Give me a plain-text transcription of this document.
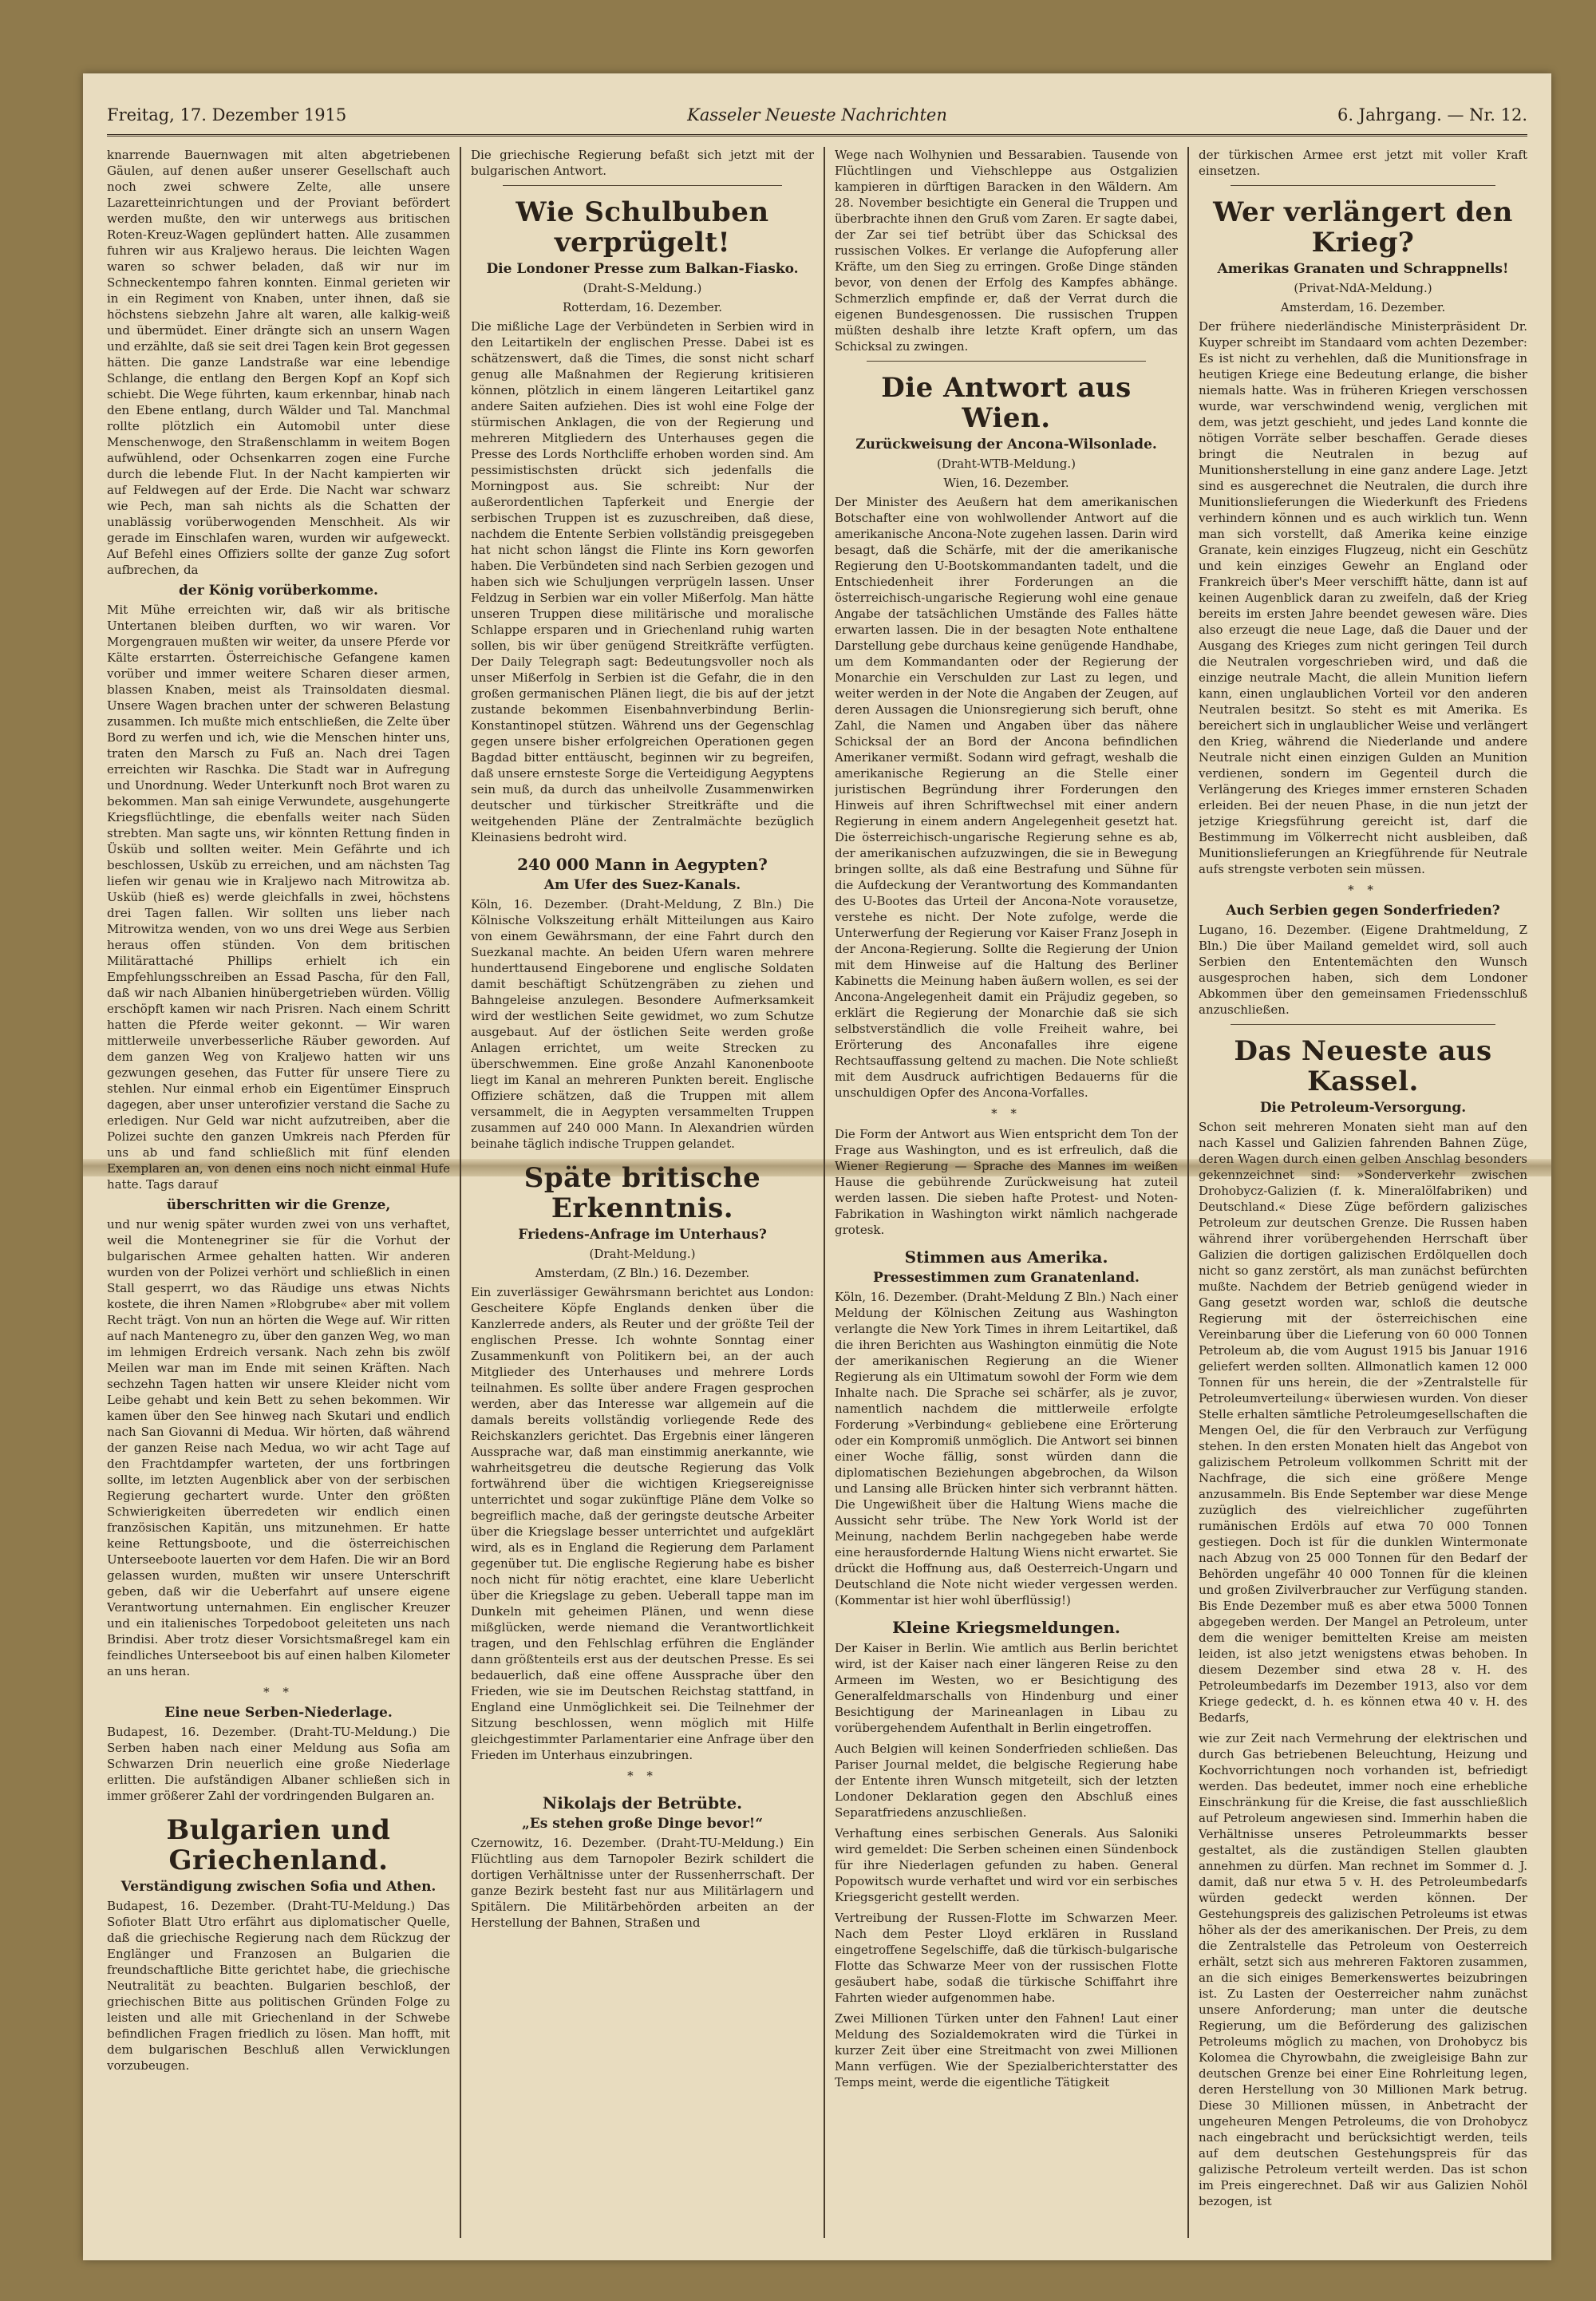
Freitag, 17. Dezember 1915	Kasseler Neueste Nachrichten	6. Jahrgang. — Nr. 12.

knarrende Bauernwagen mit alten abgetriebenen Gäulen, auf denen außer unserer Gesellschaft auch noch zwei schwere Zelte, alle unsere Lazaretteinrichtungen und der Proviant befördert werden mußte, den wir unterwegs aus britischen Roten-Kreuz-Wagen geplündert hatten. Alle zusammen fuhren wir aus Kraljewo heraus. Die leichten Wagen waren so schwer beladen, daß wir nur im Schneckentempo fahren konnten. Einmal gerieten wir in ein Regiment von Knaben, unter ihnen, daß sie höchstens siebzehn Jahre alt waren, alle kalkig-weiß und übermüdet. Einer drängte sich an unsern Wagen und erzählte, daß sie seit drei Tagen kein Brot gegessen hätten. Die ganze Landstraße war eine lebendige Schlange, die entlang den Bergen Kopf an Kopf sich schiebt. Die Wege führten, kaum erkennbar, hinab nach den Ebene entlang, durch Wälder und Tal. Manchmal rollte plötzlich ein Automobil unter diese Menschenwoge, den Straßenschlamm in weitem Bogen aufwühlend, oder Ochsenkarren zogen eine Furche durch die lebende Flut. In der Nacht kampierten wir auf Feldwegen auf der Erde. Die Nacht war schwarz wie Pech, man sah nichts als die Schatten der unablässig vorüberwogenden Menschheit. Als wir gerade im Einschlafen waren, wurden wir aufgeweckt. Auf Befehl eines Offiziers sollte der ganze Zug sofort aufbrechen, da

der König vorüberkomme.

Mit Mühe erreichten wir, daß wir als britische Untertanen bleiben durften, wo wir waren. Vor Morgengrauen mußten wir weiter, da unsere Pferde vor Kälte erstarrten. Österreichische Gefangene kamen vorüber und immer weitere Scharen dieser armen, blassen Knaben, meist als Trainsoldaten diesmal. Unsere Wagen brachen unter der schweren Belastung zusammen. Ich mußte mich entschließen, die Zelte über Bord zu werfen und ich, wie die Menschen hinter uns, traten den Marsch zu Fuß an. Nach drei Tagen erreichten wir Raschka. Die Stadt war in Aufregung und Unordnung. Weder Unterkunft noch Brot waren zu bekommen. Man sah einige Verwundete, ausgehungerte Kriegsflüchtlinge, die ebenfalls weiter nach Süden strebten. Man sagte uns, wir könnten Rettung finden in Üsküb und sollten weiter. Mein Gefährte und ich beschlossen, Usküb zu erreichen, und am nächsten Tag liefen wir genau wie in Kraljewo nach Mitrowitza ab. Usküb (hieß es) werde gleichfalls in zwei, höchstens drei Tagen fallen. Wir sollten uns lieber nach Mitrowitza wenden, von wo uns drei Wege aus Serbien heraus offen stünden. Von dem britischen Militärattaché Phillips erhielt ich ein Empfehlungsschreiben an Essad Pascha, für den Fall, daß wir nach Albanien hinübergetrieben würden. Völlig erschöpft kamen wir nach Prisren. Nach einem Schritt hatten die Pferde weiter gekonnt. — Wir waren mittlerweile unverbesserliche Räuber geworden. Auf dem ganzen Weg von Kraljewo hatten wir uns gezwungen gesehen, das Futter für unsere Tiere zu stehlen. Nur einmal erhob ein Eigentümer Einspruch dagegen, aber unser unterofizier verstand die Sache zu erledigen. Nur Geld war nicht aufzutreiben, aber die Polizei suchte den ganzen Umkreis nach Pferden für uns ab und fand schließlich mit fünf elenden Exemplaren an, von denen eins noch nicht einmal Hufe hatte. Tags darauf

überschritten wir die Grenze,

und nur wenig später wurden zwei von uns verhaftet, weil die Montenegriner sie für die Vorhut der bulgarischen Armee gehalten hatten. Wir anderen wurden von der Polizei verhört und schließlich in einen Stall gesperrt, wo das Räudige uns etwas Nichts kostete, die ihren Namen »Rlobgrube« aber mit vollem Recht trägt. Von nun an hörten die Wege auf. Wir ritten auf nach Mantenegro zu, über den ganzen Weg, wo man im lehmigen Erdreich versank. Nach zehn bis zwölf Meilen war man im Ende mit seinen Kräften. Nach sechzehn Tagen hatten wir unsere Kleider nicht vom Leibe gehabt und kein Bett zu sehen bekommen. Wir kamen über den See hinweg nach Skutari und endlich nach San Giovanni di Medua. Wir hörten, daß während der ganzen Reise nach Medua, wo wir acht Tage auf den Frachtdampfer warteten, der uns fortbringen sollte, im letzten Augenblick aber von der serbischen Regierung gechartert wurde. Unter den größten Schwierigkeiten überredeten wir endlich einen französischen Kapitän, uns mitzunehmen. Er hatte keine Rettungsboote, und die österreichischen Unterseeboote lauerten vor dem Hafen. Die wir an Bord gelassen wurden, mußten wir unsere Unterschrift geben, daß wir die Ueberfahrt auf unsere eigene Verantwortung unternahmen. Ein englischer Kreuzer und ein italienisches Torpedoboot geleiteten uns nach Brindisi. Aber trotz dieser Vorsichtsmaßregel kam ein feindliches Unterseeboot bis auf einen halben Kilometer an uns heran.

* *
Eine neue Serben-Niederlage.

Budapest, 16. Dezember. (Draht-TU-Meldung.) Die Serben haben nach einer Meldung aus Sofia am Schwarzen Drin neuerlich eine große Niederlage erlitten. Die aufständigen Albaner schließen sich in immer größerer Zahl der vordringenden Bulgaren an.

Bulgarien und Griechenland.
Verständigung zwischen Sofia und Athen.

Budapest, 16. Dezember. (Draht-TU-Meldung.) Das Sofioter Blatt Utro erfährt aus diplomatischer Quelle, daß die griechische Regierung nach dem Rückzug der Englänger und Franzosen an Bulgarien die freundschaftliche Bitte gerichtet habe, die griechische Neutralität zu beachten. Bulgarien beschloß, der griechischen Bitte aus politischen Gründen Folge zu leisten und alle mit Griechenland in der Schwebe befindlichen Fragen friedlich zu lösen. Man hofft, mit dem bulgarischen Beschluß allen Verwicklungen vorzubeugen.

Die griechische Regierung befaßt sich jetzt mit der bulgarischen Antwort.

Wie Schulbuben verprügelt!
Die Londoner Presse zum Balkan-Fiasko.
(Draht-S-Meldung.)
Rotterdam, 16. Dezember.

Die mißliche Lage der Verbündeten in Serbien wird in den Leitartikeln der englischen Presse. Dabei ist es schätzenswert, daß die Times, die sonst nicht scharf genug alle Maßnahmen der Regierung kritisieren können, plötzlich in einem längeren Leitartikel ganz andere Saiten aufziehen. Dies ist wohl eine Folge der stürmischen Anklagen, die von der Regierung und mehreren Mitgliedern des Unterhauses gegen die Presse des Lords Northcliffe erhoben worden sind. Am pessimistischsten drückt sich jedenfalls die Morningpost aus. Sie schreibt: Nur der außerordentlichen Tapferkeit und Energie der serbischen Truppen ist es zuzuschreiben, daß diese, nachdem die Entente Serbien vollständig preisgegeben hat nicht schon längst die Flinte ins Korn geworfen haben. Die Verbündeten sind nach Serbien gezogen und haben sich wie Schuljungen verprügeln lassen. Unser Feldzug in Serbien war ein voller Mißerfolg. Man hätte unseren Truppen diese militärische und moralische Schlappe ersparen und in Griechenland ruhig warten sollen, bis wir über genügend Streitkräfte verfügten. Der Daily Telegraph sagt: Bedeutungsvoller noch als unser Mißerfolg in Serbien ist die Gefahr, die in den großen germanischen Plänen liegt, die bis auf der jetzt zustande bekommen Eisenbahnverbindung Berlin-Konstantinopel stützen. Während uns der Gegenschlag gegen unsere bisher erfolgreichen Operationen gegen Bagdad bitter enttäuscht, beginnen wir zu begreifen, daß unsere ernsteste Sorge die Verteidigung Aegyptens sein muß, da durch das unheilvolle Zusammenwirken deutscher und türkischer Streitkräfte und die weitgehenden Pläne der Zentralmächte bezüglich Kleinasiens bedroht wird.

240 000 Mann in Aegypten?
Am Ufer des Suez-Kanals.

Köln, 16. Dezember. (Draht-Meldung, Z Bln.) Die Kölnische Volkszeitung erhält Mitteilungen aus Kairo von einem Gewährsmann, der eine Fahrt durch den Suezkanal machte. An beiden Ufern waren mehrere hunderttausend Eingeborene und englische Soldaten damit beschäftigt Schützengräben zu ziehen und Bahngeleise anzulegen. Besondere Aufmerksamkeit wird der westlichen Seite gewidmet, wo zum Schutze ausgebaut. Auf der östlichen Seite werden große Anlagen errichtet, um weite Strecken zu überschwemmen. Eine große Anzahl Kanonenboote liegt im Kanal an mehreren Punkten bereit. Englische Offiziere schätzen, daß die Truppen mit allem versammelt, die in Aegypten versammelten Truppen zusammen auf 240 000 Mann. In Alexandrien würden beinahe täglich indische Truppen gelandet.

Späte britische Erkenntnis.
Friedens-Anfrage im Unterhaus?
(Draht-Meldung.)
Amsterdam, (Z Bln.) 16. Dezember.

Ein zuverlässiger Gewährsmann berichtet aus London: Gescheitere Köpfe Englands denken über die Kanzlerrede anders, als Reuter und der größte Teil der englischen Presse. Ich wohnte Sonntag einer Zusammenkunft von Politikern bei, an der auch Mitglieder des Unterhauses und mehrere Lords teilnahmen. Es sollte über andere Fragen gesprochen werden, aber das Interesse war allgemein auf die damals bereits vollständig vorliegende Rede des Reichskanzlers gerichtet. Das Ergebnis einer längeren Aussprache war, daß man einstimmig anerkannte, wie wahrheitsgetreu die deutsche Regierung das Volk fortwährend über die wichtigen Kriegsereignisse unterrichtet und sogar zukünftige Pläne dem Volke so begreiflich mache, daß der geringste deutsche Arbeiter über die Kriegslage besser unterrichtet und aufgeklärt wird, als es in England die Regierung dem Parlament gegenüber tut. Die englische Regierung habe es bisher noch nicht für nötig erachtet, eine klare Ueberlicht über die Kriegslage zu geben. Ueberall tappe man im Dunkeln mit geheimen Plänen, und wenn diese mißglücken, werde niemand die Verantwortlichkeit tragen, und den Fehlschlag erführen die Engländer dann größtenteils erst aus der deutschen Presse. Es sei bedauerlich, daß eine offene Aussprache über den Frieden, wie sie im Deutschen Reichstag stattfand, in England eine Unmöglichkeit sei. Die Teilnehmer der Sitzung beschlossen, wenn möglich mit Hilfe gleichgestimmter Parlamentarier eine Anfrage über den Frieden im Unterhaus einzubringen.

* *
Nikolajs der Betrübte.
„Es stehen große Dinge bevor!“

Czernowitz, 16. Dezember. (Draht-TU-Meldung.) Ein Flüchtling aus dem Tarnopoler Bezirk schildert die dortigen Verhältnisse unter der Russenherrschaft. Der ganze Bezirk besteht fast nur aus Militärlagern und Spitälern. Die Militärbehörden arbeiten an der Herstellung der Bahnen, Straßen und

Wege nach Wolhynien und Bessarabien. Tausende von Flüchtlingen und Viehschleppe aus Ostgalizien kampieren in dürftigen Baracken in den Wäldern. Am 28. November besichtigte ein General die Truppen und überbrachte ihnen den Gruß vom Zaren. Er sagte dabei, der Zar sei tief betrübt über das Schicksal des russischen Volkes. Er verlange die Aufopferung aller Kräfte, um den Sieg zu erringen. Große Dinge ständen bevor, von denen der Erfolg des Kampfes abhänge. Schmerzlich empfinde er, daß der Verrat durch die eigenen Bundesgenossen. Die russischen Truppen müßten deshalb ihre letzte Kraft opfern, um das Schicksal zu zwingen.

Die Antwort aus Wien.
Zurückweisung der Ancona-Wilsonlade.
(Draht-WTB-Meldung.)
Wien, 16. Dezember.

Der Minister des Aeußern hat dem amerikanischen Botschafter eine von wohlwollender Antwort auf die amerikanische Ancona-Note zugehen lassen. Darin wird besagt, daß die Schärfe, mit der die amerikanische Regierung den U-Bootskommandanten tadelt, und die Entschiedenheit ihrer Forderungen an die österreichisch-ungarische Regierung wohl eine genaue Angabe der tatsächlichen Umstände des Falles hätte erwarten lassen. Die in der besagten Note enthaltene Darstellung gebe durchaus keine genügende Handhabe, um dem Kommandanten oder der Regierung der Monarchie ein Verschulden zur Last zu legen, und weiter werden in der Note die Angaben der Zeugen, auf deren Aussagen die Unionsregierung sich beruft, ohne Zahl, die Namen und Angaben über das nähere Schicksal der an Bord der Ancona befindlichen Amerikaner vermißt. Sodann wird gefragt, weshalb die amerikanische Regierung an die Stelle einer juristischen Begründung ihrer Forderungen den Hinweis auf ihren Schriftwechsel mit einer andern Regierung in einem andern Angelegenheit gesetzt hat. Die österreichisch-ungarische Regierung sehne es ab, der amerikanischen aufzuzwingen, die sie in Bewegung bringen sollte, als daß eine Bestrafung und Sühne für die Aufdeckung der Verantwortung des Kommandanten des U-Bootes das Urteil der Ancona-Note vorausetze, verstehe es nicht. Der Note zufolge, werde die Unterwerfung der Regierung vor Kaiser Franz Joseph in der Ancona-Regierung. Sollte die Regierung der Union mit dem Hinweise auf die Haltung des Berliner Kabinetts die Meinung haben äußern wollen, es sei der Ancona-Angelegenheit damit ein Präjudiz gegeben, so erklärt die Regierung der Monarchie daß sie sich selbstverständlich die volle Freiheit wahre, bei Erörterung des Anconafalles ihre eigene Rechtsauffassung geltend zu machen. Die Note schließt mit dem Ausdruck aufrichtigen Bedauerns für die unschuldigen Opfer des Ancona-Vorfalles.

* *

Die Form der Antwort aus Wien entspricht dem Ton der Frage aus Washington, und es ist erfreulich, daß die Wiener Regierung — Sprache des Mannes im weißen Hause die gebührende Zurückweisung hat zuteil werden lassen. Die sieben hafte Protest- und Noten-Fabrikation in Washington wirkt nämlich nachgerade grotesk.

Stimmen aus Amerika.
Pressestimmen zum Granatenland.

Köln, 16. Dezember. (Draht-Meldung Z Bln.) Nach einer Meldung der Kölnischen Zeitung aus Washington verlangte die New York Times in ihrem Leitartikel, daß die ihren Berichten aus Washington einmütig die Note der amerikanischen Regierung an die Wiener Regierung als ein Ultimatum sowohl der Form wie dem Inhalte nach. Die Sprache sei schärfer, als je zuvor, namentlich nachdem die mittlerweile erfolgte Forderung »Verbindung« gebliebene eine Erörterung oder ein Kompromiß unmöglich. Die Antwort sei binnen einer Woche fällig, sonst würden dann die diplomatischen Beziehungen abgebrochen, da Wilson und Lansing alle Brücken hinter sich verbrannt hätten. Die Ungewißheit über die Haltung Wiens mache die Aussicht sehr trübe. The New York World ist der Meinung, nachdem Berlin nachgegeben habe werde eine herausfordernde Haltung Wiens nicht erwartet. Sie drückt die Hoffnung aus, daß Oesterreich-Ungarn und Deutschland die Note nicht wieder vergessen werden. (Kommentar ist hier wohl überflüssig!)

Kleine Kriegsmeldungen.

Der Kaiser in Berlin. Wie amtlich aus Berlin berichtet wird, ist der Kaiser nach einer längeren Reise zu den Armeen im Westen, wo er Besichtigung des Generalfeldmarschalls von Hindenburg und einer Besichtigung der Marineanlagen in Libau zu vorübergehendem Aufenthalt in Berlin eingetroffen.

Auch Belgien will keinen Sonderfrieden schließen. Das Pariser Journal meldet, die belgische Regierung habe der Entente ihren Wunsch mitgeteilt, sich der letzten Londoner Deklaration gegen den Abschluß eines Separatfriedens anzuschließen.

Verhaftung eines serbischen Generals. Aus Saloniki wird gemeldet: Die Serben scheinen einen Sündenbock für ihre Niederlagen gefunden zu haben. General Popowitsch wurde verhaftet und wird vor ein serbisches Kriegsgericht gestellt werden.

Vertreibung der Russen-Flotte im Schwarzen Meer. Nach dem Pester Lloyd erklären in Russland eingetroffene Segelschiffe, daß die türkisch-bulgarische Flotte das Schwarze Meer von der russischen Flotte gesäubert habe, sodaß die türkische Schiffahrt ihre Fahrten wieder aufgenommen habe.

Zwei Millionen Türken unter den Fahnen! Laut einer Meldung des Sozialdemokraten wird die Türkei in kurzer Zeit über eine Streitmacht von zwei Millionen Mann verfügen. Wie der Spezialberichterstatter des Temps meint, werde die eigentliche Tätigkeit

der türkischen Armee erst jetzt mit voller Kraft einsetzen.

Wer verlängert den Krieg?
Amerikas Granaten und Schrappnells!
(Privat-NdA-Meldung.)
Amsterdam, 16. Dezember.

Der frühere niederländische Ministerpräsident Dr. Kuyper schreibt im Standaard vom achten Dezember: Es ist nicht zu verhehlen, daß die Munitionsfrage in heutigen Kriege eine Bedeutung erlange, die bisher niemals hatte. Was in früheren Kriegen verschossen wurde, war verschwindend wenig, verglichen mit dem, was jetzt geschieht, und jedes Land konnte die nötigen Vorräte selber beschaffen. Gerade dieses bringt die Neutralen in bezug auf Munitionsherstellung in eine ganz andere Lage. Jetzt sind es ausgerechnet die Neutralen, die durch ihre Munitionslieferungen die Wiederkunft des Friedens verhindern können und es auch wirklich tun. Wenn man sich vorstellt, daß Amerika keine einzige Granate, kein einziges Flugzeug, nicht ein Geschütz und kein einziges Gewehr an England oder Frankreich über's Meer verschifft hätte, dann ist auf keinen Augenblick daran zu zweifeln, daß der Krieg bereits im ersten Jahre beendet gewesen wäre. Dies also erzeugt die neue Lage, daß die Dauer und der Ausgang des Krieges zum nicht geringen Teil durch die Neutralen vorgeschrieben wird, und daß die einzige neutrale Macht, die allein Munition liefern kann, einen unglaublichen Vorteil vor den anderen Neutralen besitzt. So steht es mit Amerika. Es bereichert sich in unglaublicher Weise und verlängert den Krieg, während die Niederlande und andere Neutrale nicht einen einzigen Gulden an Munition verdienen, sondern im Gegenteil durch die Verlängerung des Krieges immer ernsteren Schaden erleiden. Bei der neuen Phase, in die nun jetzt der jetzige Kriegsführung gereicht ist, darf die Bestimmung im Völkerrecht nicht ausbleiben, daß Munitionslieferungen an Kriegführende für Neutrale aufs strengste verboten sein müssen.

* *
Auch Serbien gegen Sonderfrieden?

Lugano, 16. Dezember. (Eigene Drahtmeldung, Z Bln.) Die über Mailand gemeldet wird, soll auch Serbien den Ententemächten den Wunsch ausgesprochen haben, sich dem Londoner Abkommen über den gemeinsamen Friedensschluß anzuschließen.

Das Neueste aus Kassel.
Die Petroleum-Versorgung.

Schon seit mehreren Monaten sieht man auf den nach Kassel und Galizien fahrenden Bahnen Züge, deren Wagen durch einen gelben Anschlag besonders gekennzeichnet sind: »Sonderverkehr zwischen Drohobycz-Galizien (f. k. Mineralölfabriken) und Deutschland.« Diese Züge befördern galizisches Petroleum zur deutschen Grenze. Die Russen haben während ihrer vorübergehenden Herrschaft über Galizien die dortigen galizischen Erdölquellen doch nicht so ganz zerstört, als man zunächst befürchten mußte. Nachdem der Betrieb genügend wieder in Gang gesetzt worden war, schloß die deutsche Regierung mit der österreichischen eine Vereinbarung über die Lieferung von 60 000 Tonnen Petroleum ab, die vom August 1915 bis Januar 1916 geliefert werden sollten. Allmonatlich kamen 12 000 Tonnen für uns herein, die der »Zentralstelle für Petroleumverteilung« überwiesen wurden. Von dieser Stelle erhalten sämtliche Petroleumgesellschaften die Mengen Oel, die für den Verbrauch zur Verfügung stehen. In den ersten Monaten hielt das Angebot von galizischem Petroleum vollkommen Schritt mit der Nachfrage, die sich eine größere Menge anzusammeln. Bis Ende September war diese Menge zuzüglich des vielreichlicher zugeführten rumänischen Erdöls auf etwa 70 000 Tonnen gestiegen. Doch ist für die dunklen Wintermonate nach Abzug von 25 000 Tonnen für den Bedarf der Behörden ungefähr 40 000 Tonnen für die kleinen und großen Zivilverbraucher zur Verfügung standen. Bis Ende Dezember muß es aber etwa 5000 Tonnen abgegeben werden. Der Mangel an Petroleum, unter dem die weniger bemittelten Kreise am meisten leiden, ist also jetzt wenigstens etwas behoben. In diesem Dezember sind etwa 28 v. H. des Petroleumbedarfs im Dezember 1913, also vor dem Kriege gedeckt, d. h. es können etwa 40 v. H. des Bedarfs,

wie zur Zeit nach Vermehrung der elektrischen und durch Gas betriebenen Beleuchtung, Heizung und Kochvorrichtungen noch vorhanden ist, befriedigt werden. Das bedeutet, immer noch eine erhebliche Einschränkung für die Kreise, die fast ausschließlich auf Petroleum angewiesen sind. Immerhin haben die Verhältnisse unseres Petroleummarkts besser gestaltet, als die zuständigen Stellen glaubten annehmen zu dürfen. Man rechnet im Sommer d. J. damit, daß nur etwa 5 v. H. des Petroleumbedarfs würden gedeckt werden können. Der Gestehungspreis des galizischen Petroleums ist etwas höher als der des amerikanischen. Der Preis, zu dem die Zentralstelle das Petroleum von Oesterreich erhält, setzt sich aus mehreren Faktoren zusammen, an die sich einiges Bemerkenswertes beizubringen ist. Zu Lasten der Oesterreicher nahm zunächst unsere Anforderung; man unter die deutsche Regierung, um die Beförderung des galizischen Petroleums möglich zu machen, von Drohobycz bis Kolomea die Chyrowbahn, die zweigleisige Bahn zur deutschen Grenze bei einer Eine Rohrleitung legen, deren Herstellung von 30 Millionen Mark betrug. Diese 30 Millionen müssen, in Anbetracht der ungeheuren Mengen Petroleums, die von Drohobycz nach eingebracht und berücksichtigt werden, teils auf dem deutschen Gestehungspreis für das galizische Petroleum verteilt werden. Das ist schon im Preis eingerechnet. Daß wir aus Galizien Nohöl bezogen, ist
